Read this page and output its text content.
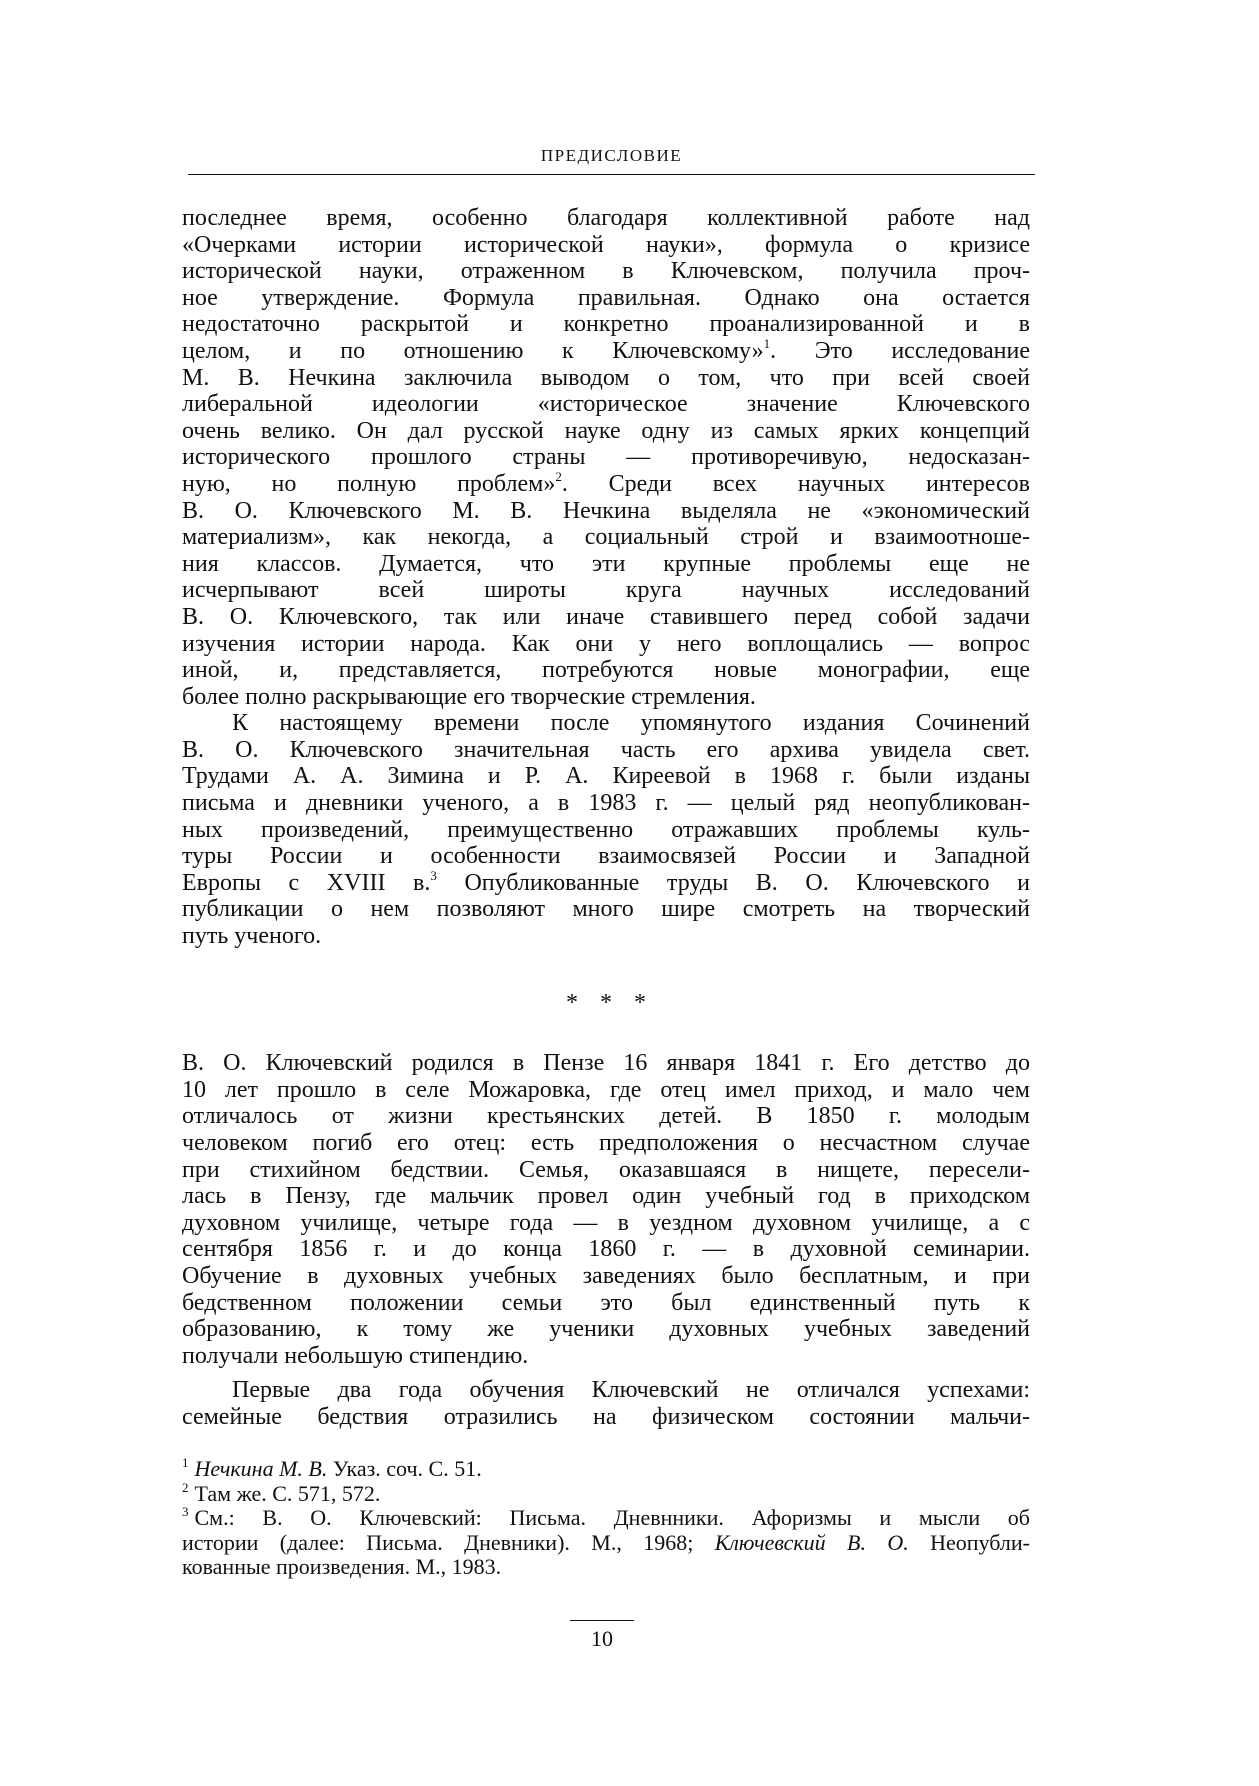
ПРЕДИСЛОВИЕ
последнее время, особенно благодаря коллективной работе над
«Очерками истории исторической науки», формула о кризисе
исторической науки, отраженном в Ключевском, получила проч-
ное утверждение. Формула правильная. Однако она остается
недостаточно раскрытой и конкретно проанализированной и в
целом, и по отношению к Ключевскому»$^1$. Это исследование
М. В. Нечкина заключила выводом о том, что при всей своей
либеральной идеологии «историческое значение Ключевского
очень велико. Он дал русской науке одну из самых ярких концепций
исторического прошлого страны — противоречивую, недосказан-
ную, но полную проблем»$^2$. Среди всех научных интересов
В. О. Ключевского М. В. Нечкина выделяла не «экономический
материализм», как некогда, а социальный строй и взаимоотноше-
ния классов. Думается, что эти крупные проблемы еще не
исчерпывают всей широты круга научных исследований
В. О. Ключевского, так или иначе ставившего перед собой задачи
изучения истории народа. Как они у него воплощались — вопрос
иной, и, представляется, потребуются новые монографии, еще
более полно раскрывающие его творческие стремления.
К настоящему времени после упомянутого издания Сочинений
В. О. Ключевского значительная часть его архива увидела свет.
Трудами А. А. Зимина и Р. А. Киреевой в 1968 г. были изданы
письма и дневники ученого, а в 1983 г. — целый ряд неопубликован-
ных произведений, преимущественно отражавших проблемы куль-
туры России и особенности взаимосвязей России и Западной
Европы с XVIII в.$^3$ Опубликованные труды В. О. Ключевского и
публикации о нем позволяют много шире смотреть на творческий
путь ученого.
* * *
В. О. Ключевский родился в Пензе 16 января 1841 г. Его детство до
10 лет прошло в селе Можаровка, где отец имел приход, и мало чем
отличалось от жизни крестьянских детей. В 1850 г. молодым
человеком погиб его отец: есть предположения о несчастном случае
при стихийном бедствии. Семья, оказавшаяся в нищете, пересели-
лась в Пензу, где мальчик провел один учебный год в приходском
духовном училище, четыре года — в уездном духовном училище, а с
сентября 1856 г. и до конца 1860 г. — в духовной семинарии.
Обучение в духовных учебных заведениях было бесплатным, и при
бедственном положении семьи это был единственный путь к
образованию, к тому же ученики духовных учебных заведений
получали небольшую стипендию.
Первые два года обучения Ключевский не отличался успехами:
семейные бедствия отразились на физическом состоянии мальчи-
$^1$ Нечкина М. В. Указ. соч. С. 51.
$^2$ Там же. С. 571, 572.
$^3$ См.: В. О. Ключевский: Письма. Дневнники. Афоризмы и мысли об
истории (далее: Письма. Дневники). М., 1968; Ключевский В. О. Неопубли-
кованные произведения. М., 1983.
10
